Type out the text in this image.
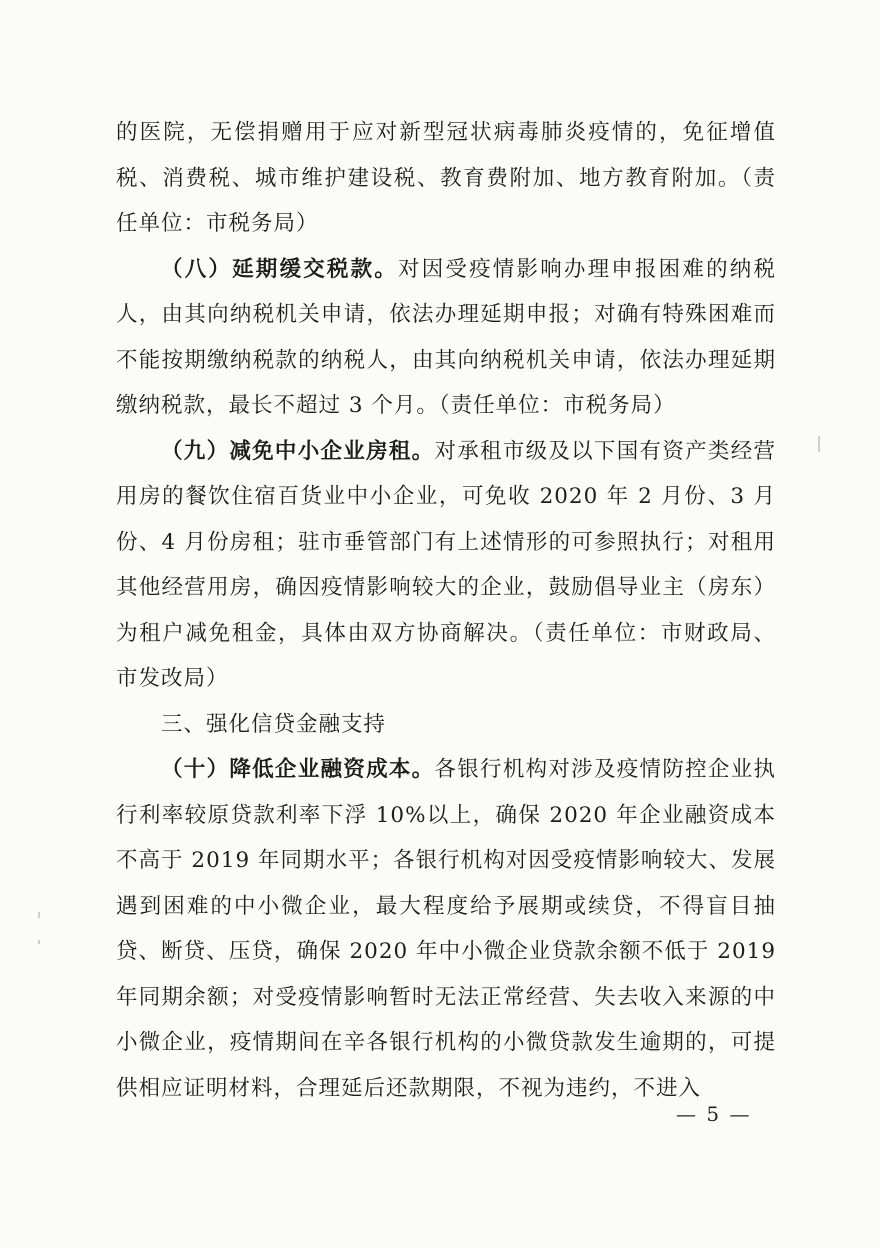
的医院，无偿捐赠用于应对新型冠状病毒肺炎疫情的，免征增值税、消费税、城市维护建设税、教育费附加、地方教育附加。（责任单位：市税务局）

（八）延期缓交税款。对因受疫情影响办理申报困难的纳税人，由其向纳税机关申请，依法办理延期申报；对确有特殊困难而不能按期缴纳税款的纳税人，由其向纳税机关申请，依法办理延期缴纳税款，最长不超过 3 个月。（责任单位：市税务局）

（九）减免中小企业房租。对承租市级及以下国有资产类经营用房的餐饮住宿百货业中小企业，可免收 2020 年 2 月份、3 月份、4 月份房租；驻市垂管部门有上述情形的可参照执行；对租用其他经营用房，确因疫情影响较大的企业，鼓励倡导业主（房东）为租户减免租金，具体由双方协商解决。（责任单位：市财政局、市发改局）

三、强化信贷金融支持

（十）降低企业融资成本。各银行机构对涉及疫情防控企业执行利率较原贷款利率下浮 10%以上，确保 2020 年企业融资成本不高于 2019 年同期水平；各银行机构对因受疫情影响较大、发展遇到困难的中小微企业，最大程度给予展期或续贷，不得盲目抽贷、断贷、压贷，确保 2020 年中小微企业贷款余额不低于 2019 年同期余额；对受疫情影响暂时无法正常经营、失去收入来源的中小微企业，疫情期间在辛各银行机构的小微贷款发生逾期的，可提供相应证明材料，合理延后还款期限，不视为违约，不进入

— 5 —
